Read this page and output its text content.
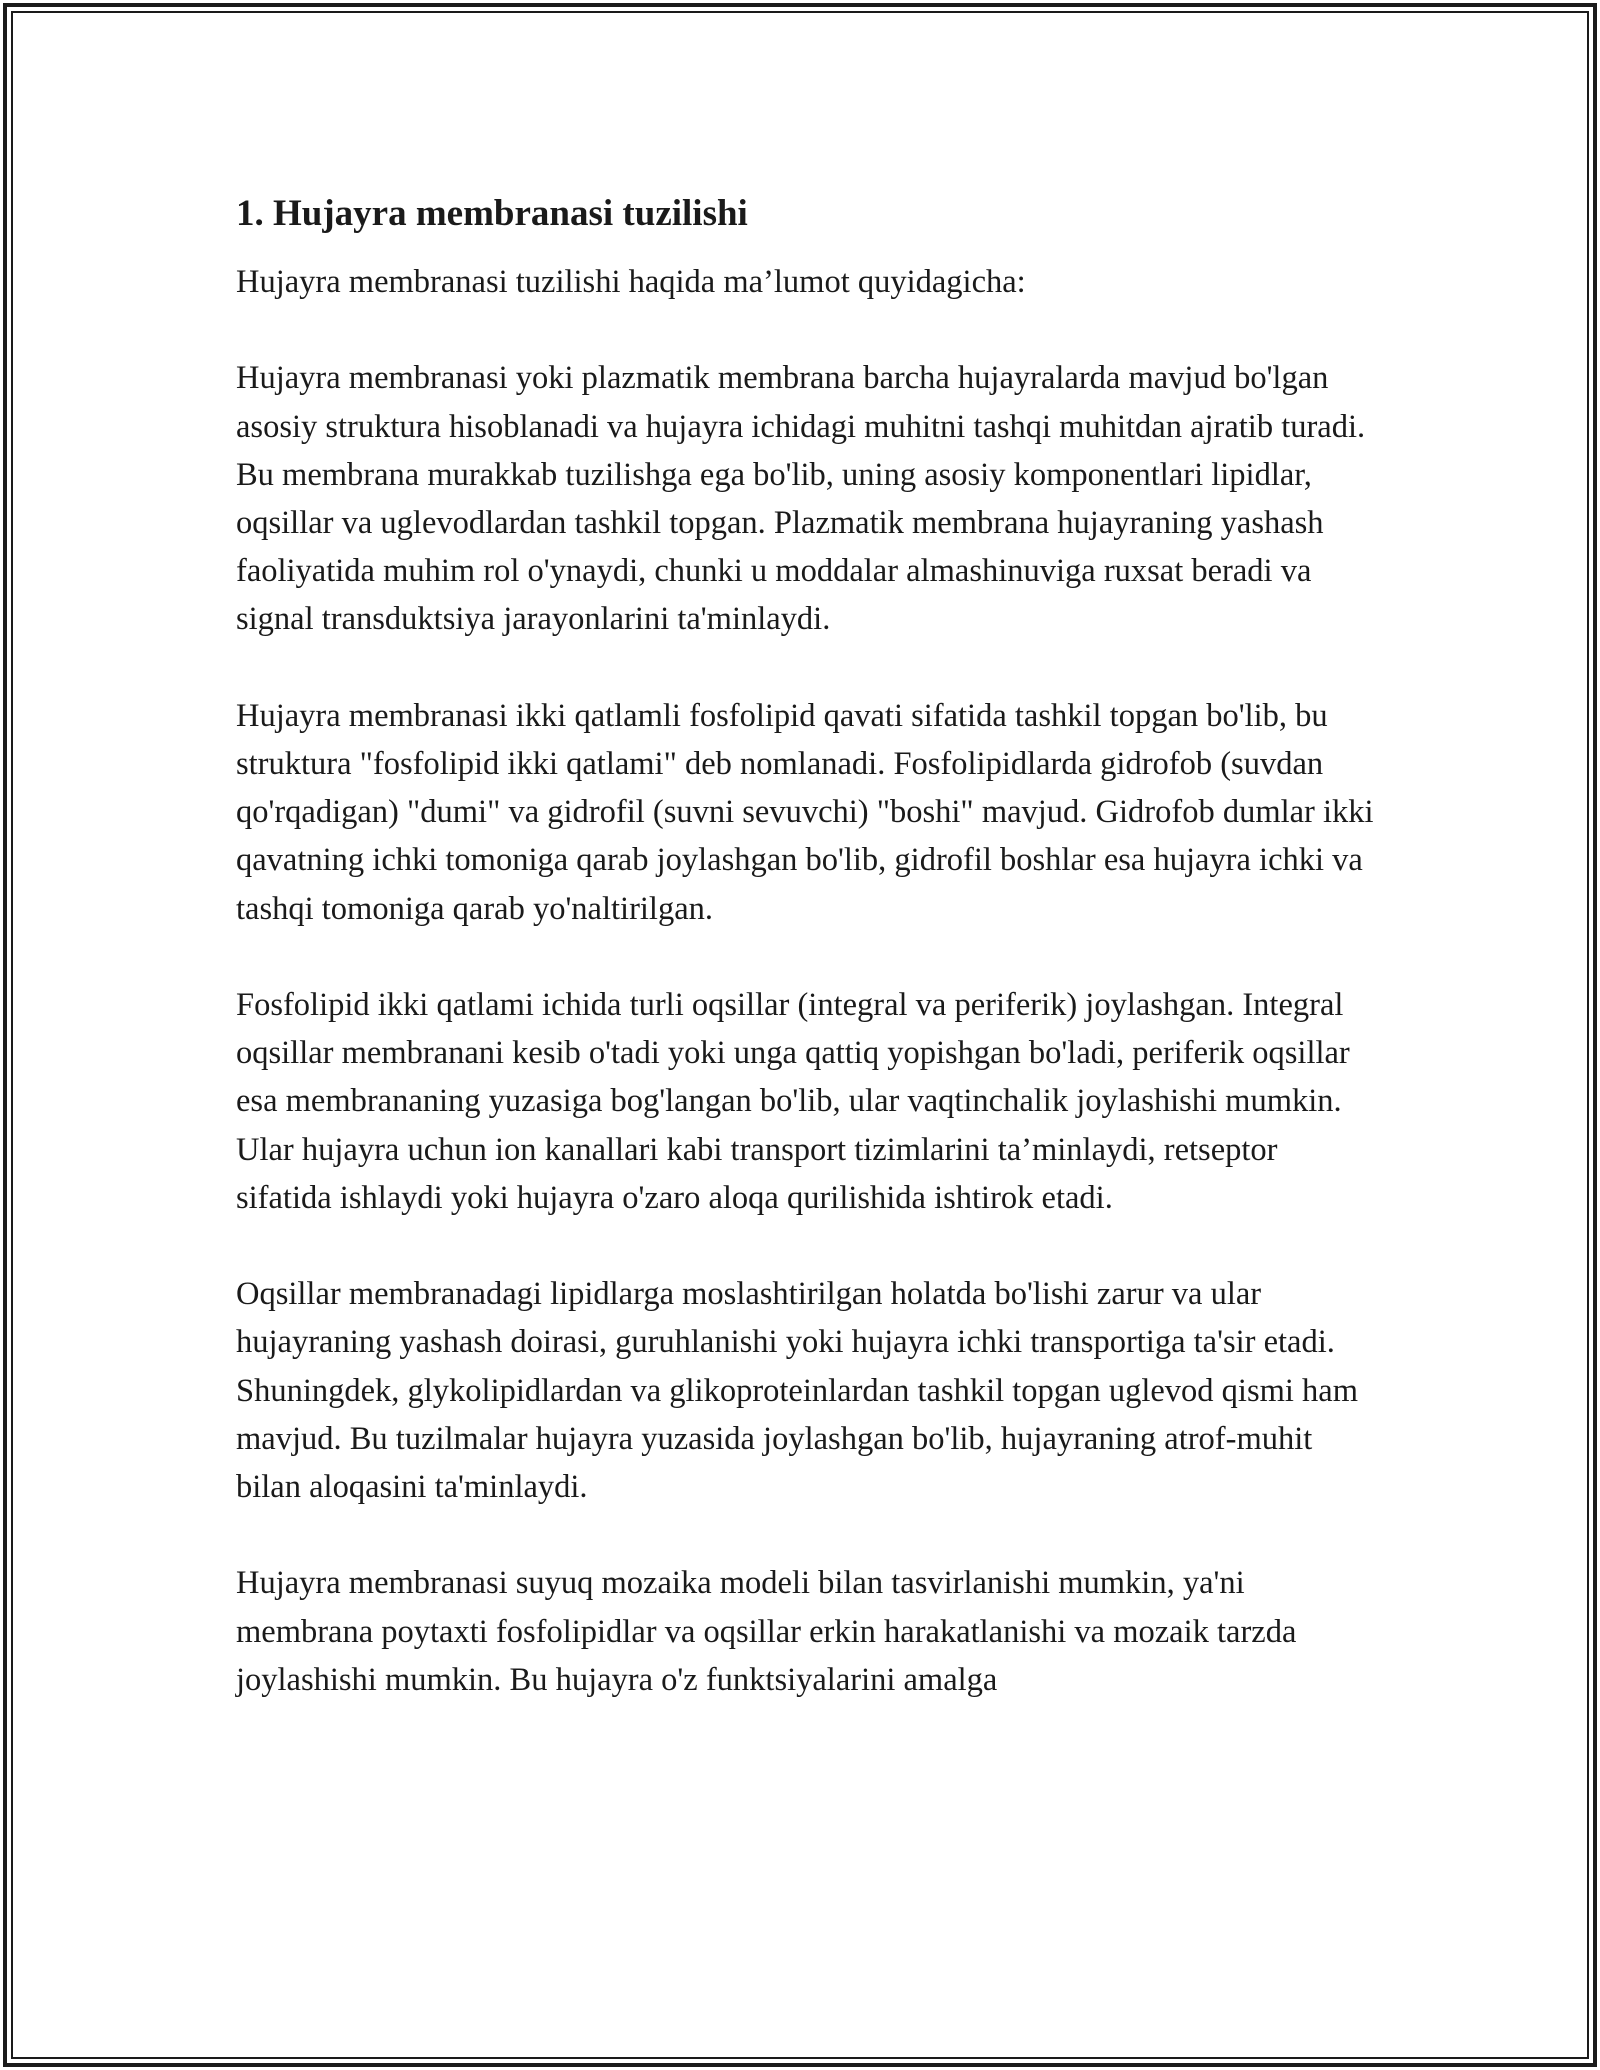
1. Hujayra membranasi tuzilishi

Hujayra membranasi tuzilishi haqida ma’lumot quyidagicha:

Hujayra membranasi yoki plazmatik membrana barcha hujayralarda mavjud bo'lgan asosiy struktura hisoblanadi va hujayra ichidagi muhitni tashqi muhitdan ajratib turadi. Bu membrana murakkab tuzilishga ega bo'lib, uning asosiy komponentlari lipidlar, oqsillar va uglevodlardan tashkil topgan. Plazmatik membrana hujayraning yashash faoliyatida muhim rol o'ynaydi, chunki u moddalar almashinuviga ruxsat beradi va signal transduktsiya jarayonlarini ta'minlaydi.

Hujayra membranasi ikki qatlamli fosfolipid qavati sifatida tashkil topgan bo'lib, bu struktura "fosfolipid ikki qatlami" deb nomlanadi. Fosfolipidlarda gidrofob (suvdan qo'rqadigan) "dumi" va gidrofil (suvni sevuvchi) "boshi" mavjud. Gidrofob dumlar ikki qavatning ichki tomoniga qarab joylashgan bo'lib, gidrofil boshlar esa hujayra ichki va tashqi tomoniga qarab yo'naltirilgan.

Fosfolipid ikki qatlami ichida turli oqsillar (integral va periferik) joylashgan. Integral oqsillar membranani kesib o'tadi yoki unga qattiq yopishgan bo'ladi, periferik oqsillar esa membrananing yuzasiga bog'langan bo'lib, ular vaqtinchalik joylashishi mumkin. Ular hujayra uchun ion kanallari kabi transport tizimlarini ta’minlaydi, retseptor sifatida ishlaydi yoki hujayra o'zaro aloqa qurilishida ishtirok etadi.

Oqsillar membranadagi lipidlarga moslashtirilgan holatda bo'lishi zarur va ular hujayraning yashash doirasi, guruhlanishi yoki hujayra ichki transportiga ta'sir etadi. Shuningdek, glykolipidlardan va glikoproteinlardan tashkil topgan uglevod qismi ham mavjud. Bu tuzilmalar hujayra yuzasida joylashgan bo'lib, hujayraning atrof-muhit bilan aloqasini ta'minlaydi.

Hujayra membranasi suyuq mozaika modeli bilan tasvirlanishi mumkin, ya'ni membrana poytaxti fosfolipidlar va oqsillar erkin harakatlanishi va mozaik tarzda joylashishi mumkin. Bu hujayra o'z funktsiyalarini amalga
